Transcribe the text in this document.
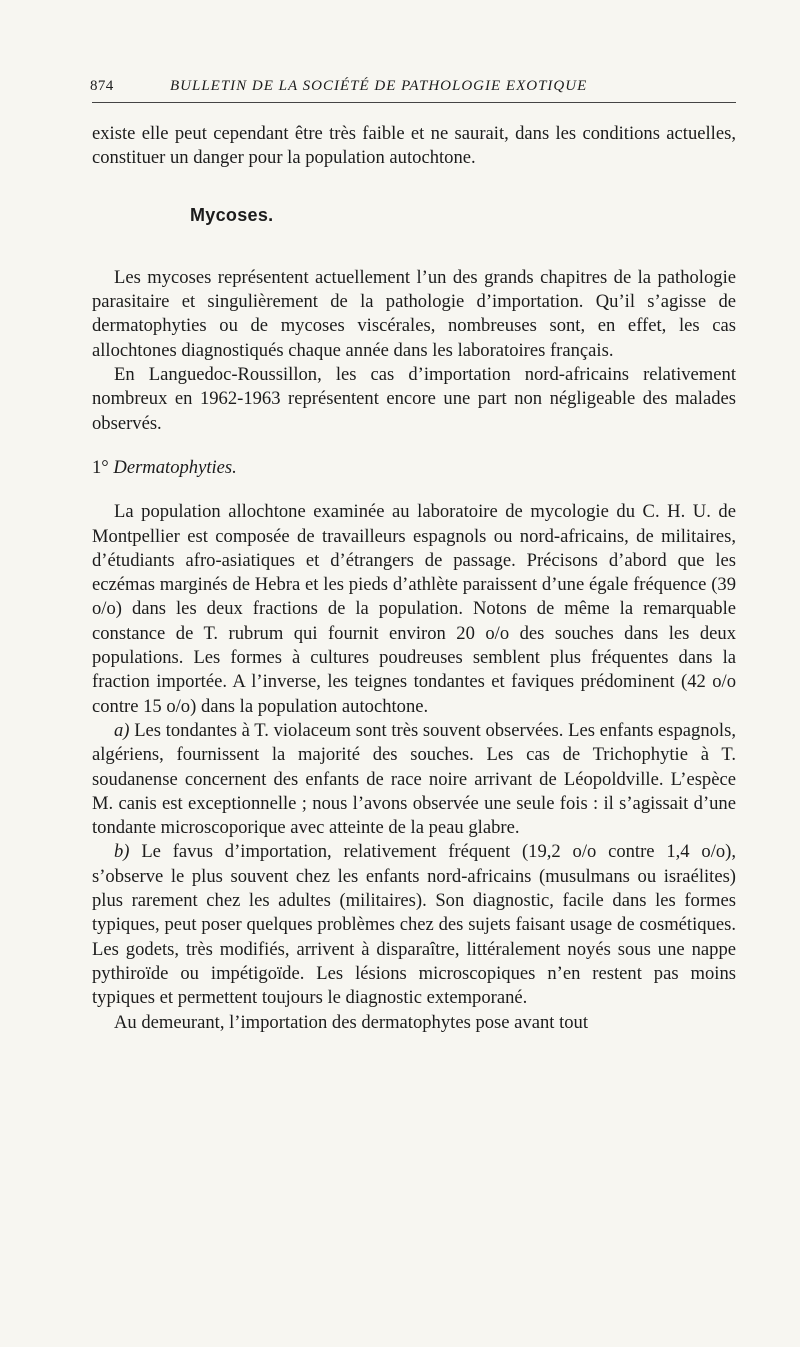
874	BULLETIN DE LA SOCIÉTÉ DE PATHOLOGIE EXOTIQUE

existe elle peut cependant être très faible et ne saurait, dans les conditions actuelles, constituer un danger pour la population autochtone.

Mycoses.

Les mycoses représentent actuellement l’un des grands chapitres de la pathologie parasitaire et singulièrement de la pathologie d’importation. Qu’il s’agisse de dermatophyties ou de mycoses viscérales, nombreuses sont, en effet, les cas allochtones diagnostiqués chaque année dans les laboratoires français.

En Languedoc-Roussillon, les cas d’importation nord-africains relativement nombreux en 1962-1963 représentent encore une part non négligeable des malades observés.

1° Dermatophyties.

La population allochtone examinée au laboratoire de mycologie du C. H. U. de Montpellier est composée de travailleurs espagnols ou nord-africains, de militaires, d’étudiants afro-asiatiques et d’étrangers de passage. Précisons d’abord que les eczémas marginés de Hebra et les pieds d’athlète paraissent d’une égale fréquence (39 o/o) dans les deux fractions de la population. Notons de même la remarquable constance de T. rubrum qui fournit environ 20 o/o des souches dans les deux populations. Les formes à cultures poudreuses semblent plus fréquentes dans la fraction importée. A l’inverse, les teignes tondantes et faviques prédominent (42 o/o contre 15 o/o) dans la population autochtone.

a) Les tondantes à T. violaceum sont très souvent observées. Les enfants espagnols, algériens, fournissent la majorité des souches. Les cas de Trichophytie à T. soudanense concernent des enfants de race noire arrivant de Léopoldville. L’espèce M. canis est exceptionnelle ; nous l’avons observée une seule fois : il s’agissait d’une tondante microscoporique avec atteinte de la peau glabre.

b) Le favus d’importation, relativement fréquent (19,2 o/o contre 1,4 o/o), s’observe le plus souvent chez les enfants nord-africains (musulmans ou israélites) plus rarement chez les adultes (militaires). Son diagnostic, facile dans les formes typiques, peut poser quelques problèmes chez des sujets faisant usage de cosmétiques. Les godets, très modifiés, arrivent à disparaître, littéralement noyés sous une nappe pythiroïde ou impétigoïde. Les lésions microscopiques n’en restent pas moins typiques et permettent toujours le diagnostic extemporané.

Au demeurant, l’importation des dermatophytes pose avant tout
